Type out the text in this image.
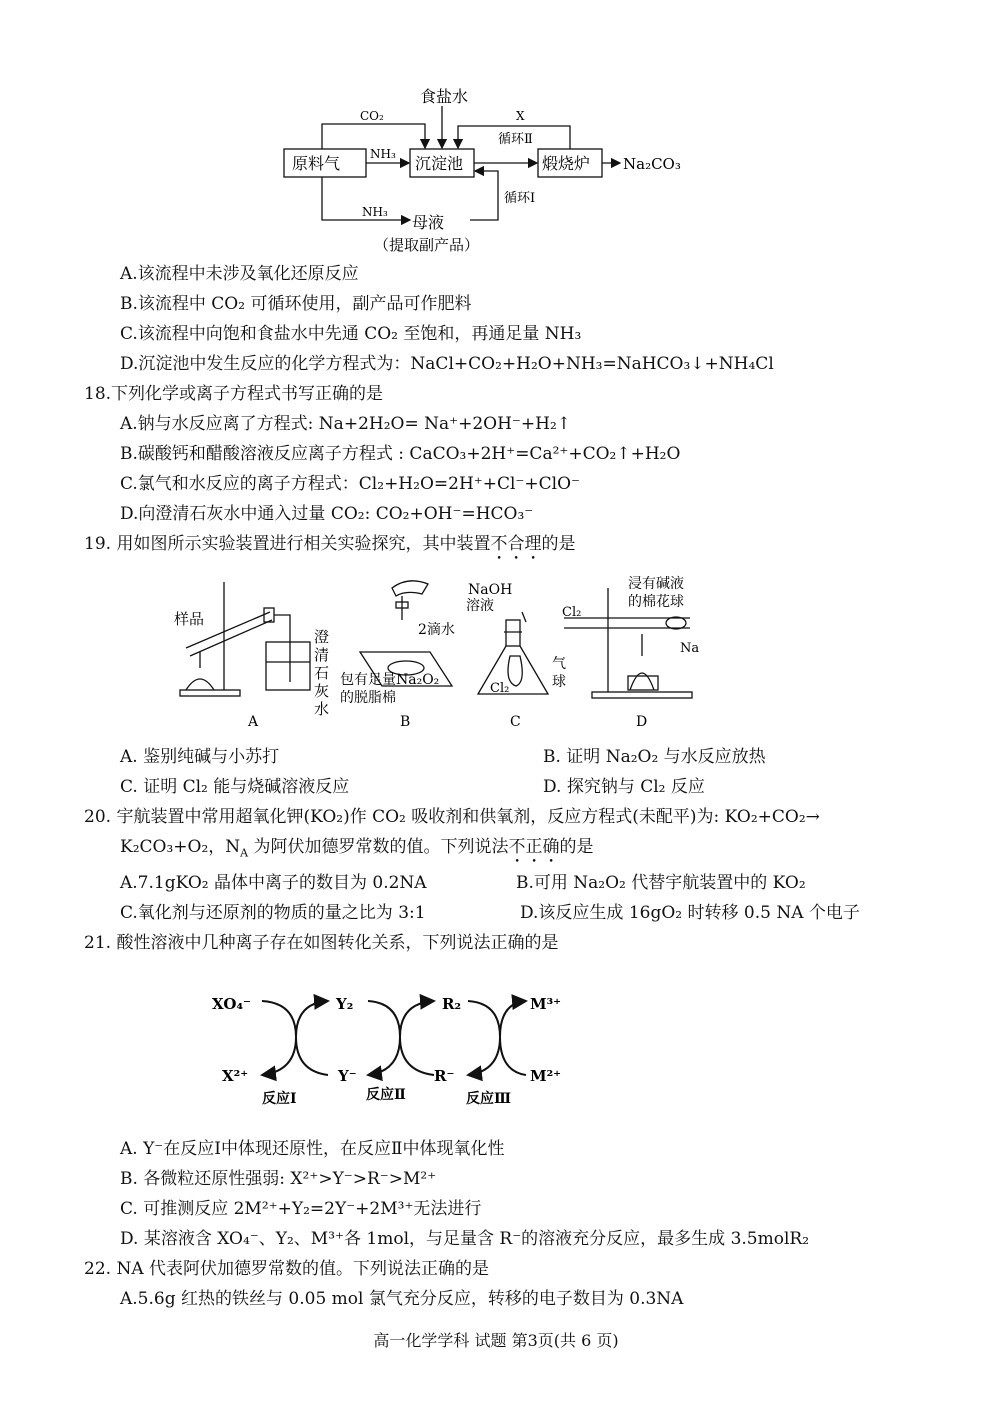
食盐水
CO₂
NH₃
原料气	沉淀池	煅烧炉 Na₂CO₃
X
循环Ⅱ
循环Ⅰ
NH₃
母液
（提取副产品）
A.该流程中未涉及氧化还原反应
B.该流程中 CO₂ 可循环使用，副产品可作肥料
C.该流程中向饱和食盐水中先通 CO₂ 至饱和，再通足量 NH₃
D.沉淀池中发生反应的化学方程式为：NaCl+CO₂+H₂O+NH₃=NaHCO₃↓+NH₄Cl
18.下列化学或离子方程式书写正确的是
A.钠与水反应离了方程式: Na+2H₂O= Na⁺+2OH⁻+H₂↑
B.碳酸钙和醋酸溶液反应离子方程式 : CaCO₃+2H⁺=Ca²⁺+CO₂↑+H₂O
C.氯气和水反应的离子方程式：Cl₂+H₂O=2H⁺+Cl⁻+ClO⁻
D.向澄清石灰水中通入过量 CO₂: CO₂+OH⁻=HCO₃⁻
19. 用如图所示实验装置进行相关实验探究，其中装置不合理的是
样品
澄
清
石
灰
水
2滴水
包有足量Na₂O₂
的脱脂棉
NaOH
溶液
Cl₂
气
球
浸有碱液
的棉花球
Cl₂
Na
A	B	C	D
A. 鉴别纯碱与小苏打	B. 证明 Na₂O₂ 与水反应放热
C. 证明 Cl₂ 能与烧碱溶液反应	D. 探究钠与 Cl₂ 反应
20. 宇航装置中常用超氧化钾(KO₂)作 CO₂ 吸收剂和供氧剂，反应方程式(未配平)为: KO₂+CO₂→
K₂CO₃+O₂，$N_A$ 为阿伏加德罗常数的值。下列说法不正确的是
A.7.1gKO₂ 晶体中离子的数目为 0.2NA	B.可用 Na₂O₂ 代替宇航装置中的 KO₂
C.氧化剂与还原剂的物质的量之比为 3:1	D.该反应生成 16gO₂ 时转移 0.5 NA 个电子
21. 酸性溶液中几种离子存在如图转化关系，下列说法正确的是
XO₄⁻
X²⁺
Y₂
Y⁻
R₂
R⁻
M³⁺
M²⁺
反应Ⅰ	反应Ⅱ	反应Ⅲ
A. Y⁻在反应Ⅰ中体现还原性，在反应Ⅱ中体现氧化性
B. 各微粒还原性强弱: X²⁺>Y⁻>R⁻>M²⁺
C. 可推测反应 2M²⁺+Y₂=2Y⁻+2M³⁺无法进行
D. 某溶液含 XO₄⁻、Y₂、M³⁺各 1mol，与足量含 R⁻的溶液充分反应，最多生成 3.5molR₂
22. NA 代表阿伏加德罗常数的值。下列说法正确的是
A.5.6g 红热的铁丝与 0.05 mol 氯气充分反应，转移的电子数目为 0.3NA
高一化学学科 试题 第3页(共 6 页)
